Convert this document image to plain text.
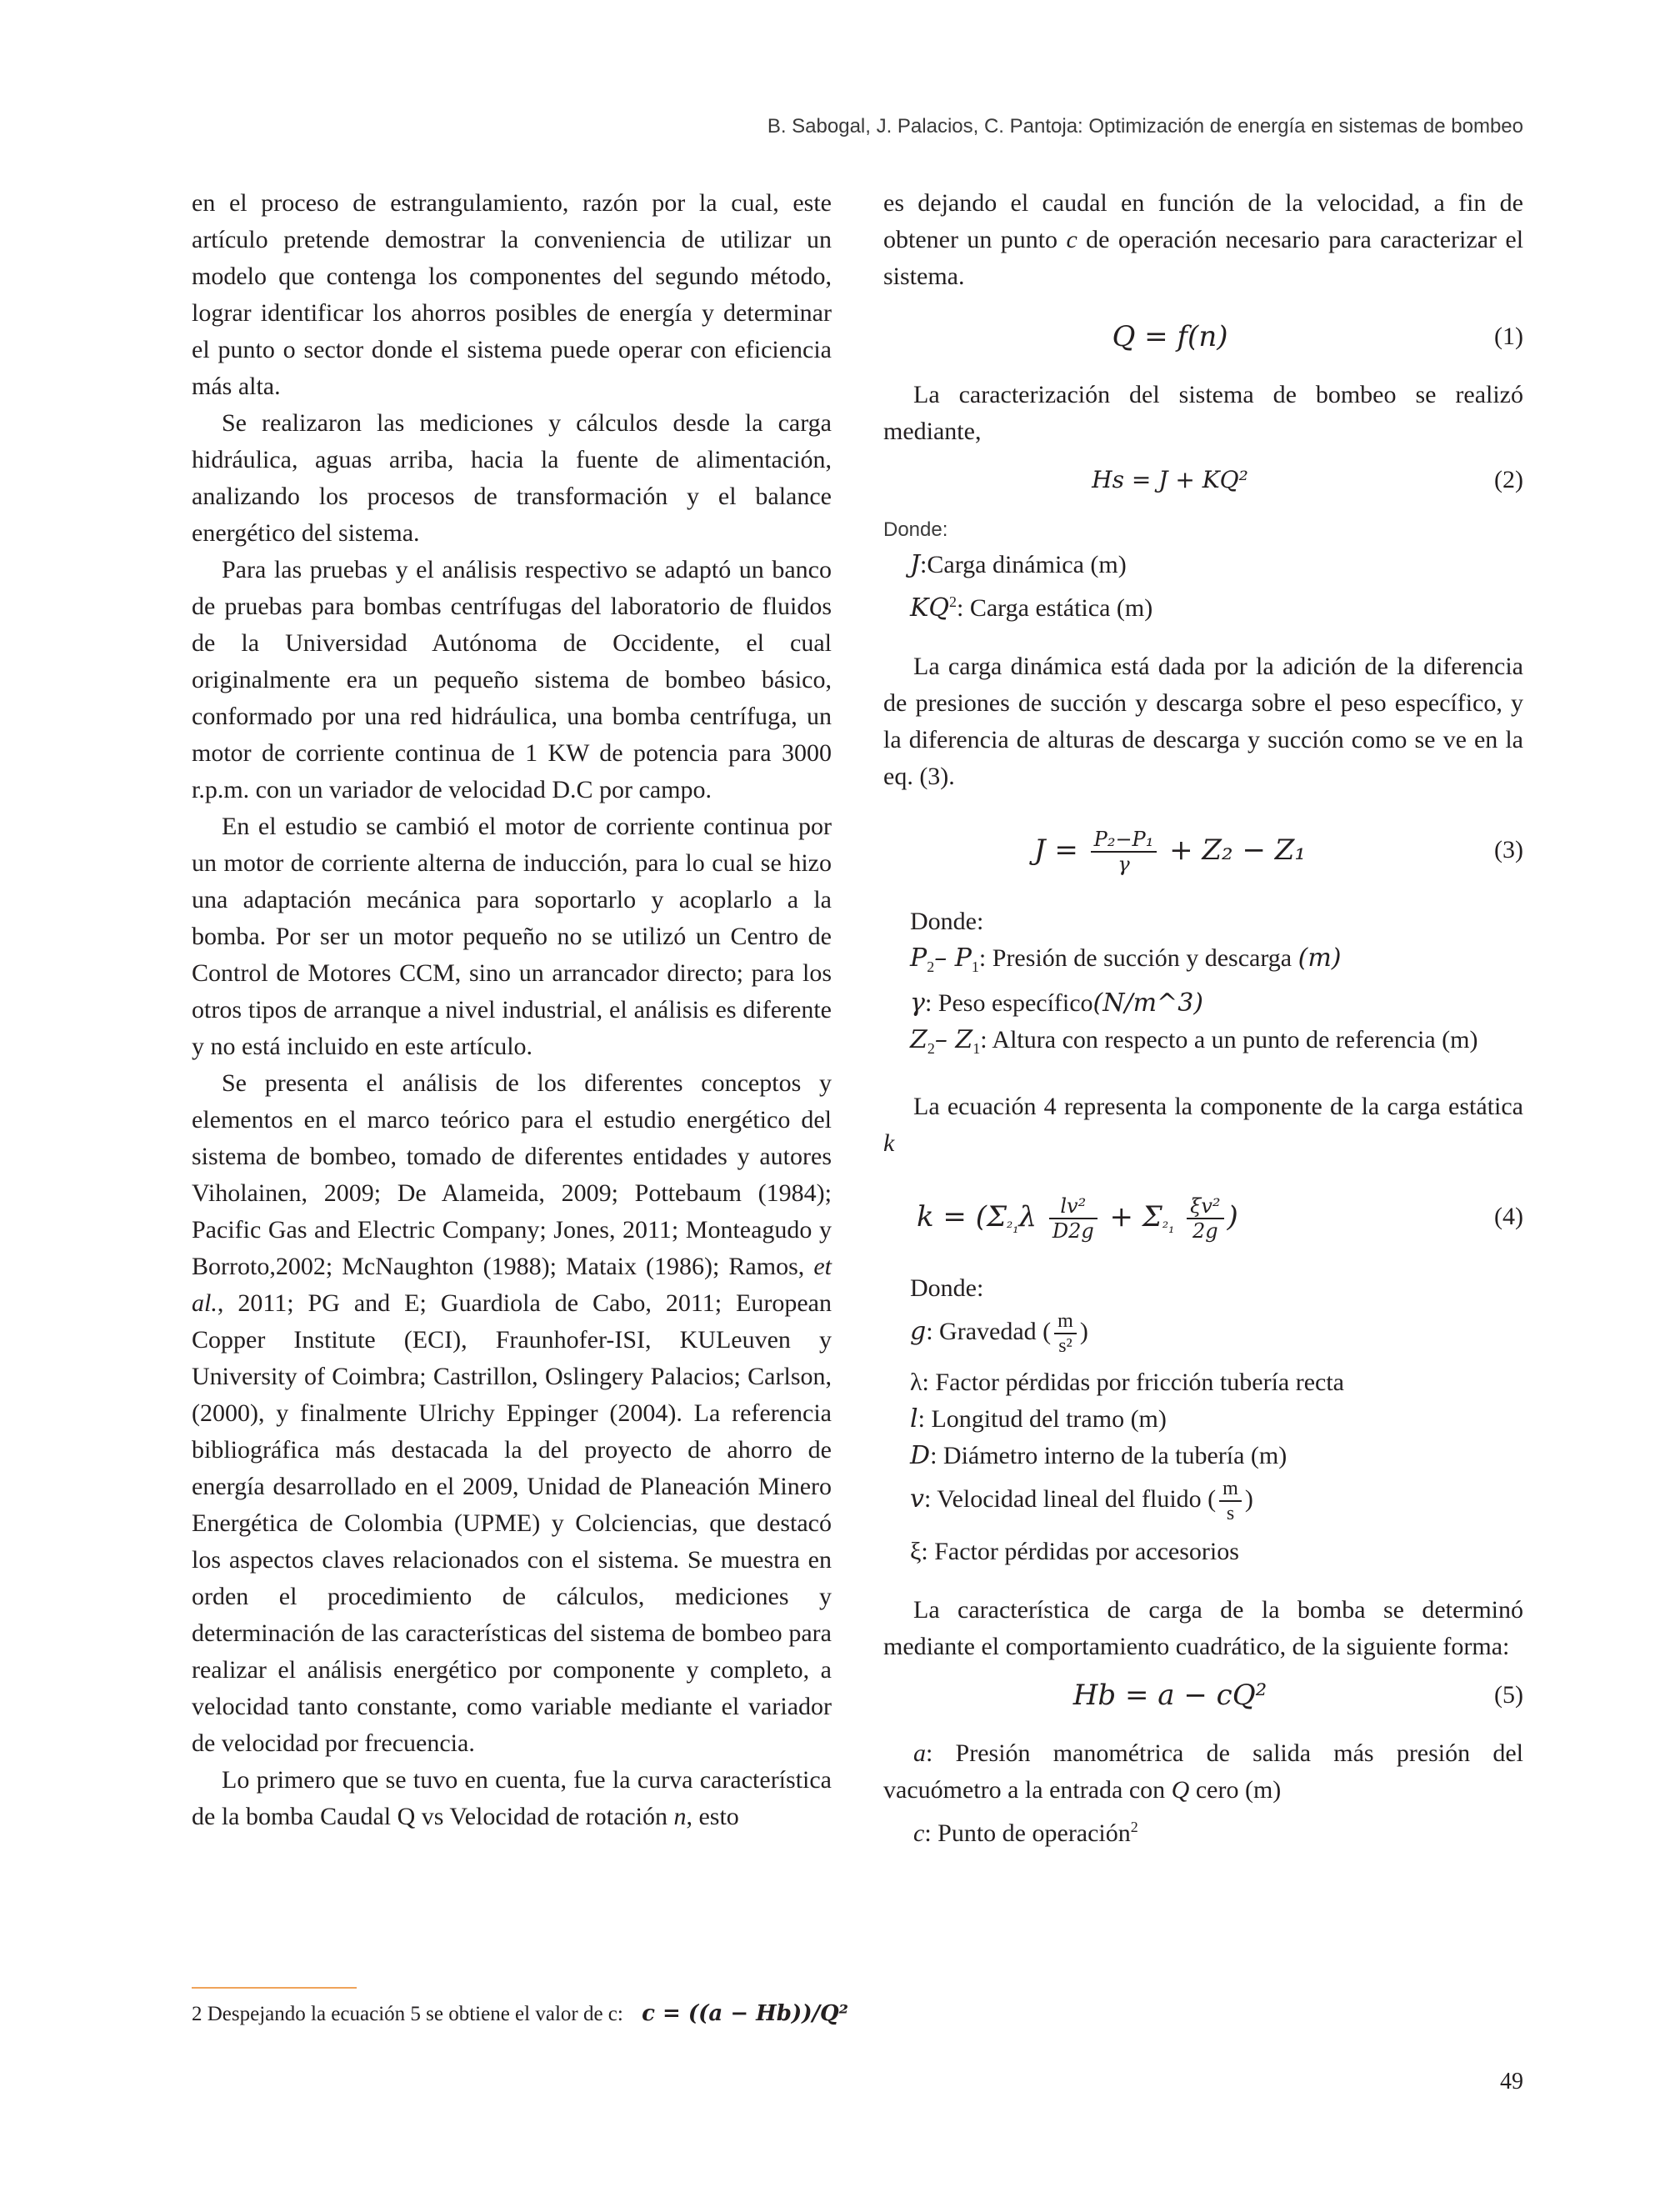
B. Sabogal, J. Palacios, C. Pantoja: Optimización de energía en sistemas de bombeo

en el proceso de estrangulamiento, razón por la cual, este artículo pretende demostrar la conveniencia de utilizar un modelo que contenga los componentes del segundo método, lograr identificar los ahorros posibles de energía y determinar el punto o sector donde el sistema puede operar con eficiencia más alta.

Se realizaron las mediciones y cálculos desde la carga hidráulica, aguas arriba, hacia la fuente de alimentación, analizando los procesos de transformación y el balance energético del sistema.

Para las pruebas y el análisis respectivo se adaptó un banco de pruebas para bombas centrífugas del laboratorio de fluidos de la Universidad Autónoma de Occidente, el cual originalmente era un pequeño sistema de bombeo básico, conformado por una red hidráulica, una bomba centrífuga, un motor de corriente continua de 1 KW de potencia para 3000 r.p.m. con un variador de velocidad D.C por campo.

En el estudio se cambió el motor de corriente continua por un motor de corriente alterna de inducción, para lo cual se hizo una adaptación mecánica para soportarlo y acoplarlo a la bomba. Por ser un motor pequeño no se utilizó un Centro de Control de Motores CCM, sino un arrancador directo; para los otros tipos de arranque a nivel industrial, el análisis es diferente y no está incluido en este artículo.

Se presenta el análisis de los diferentes conceptos y elementos en el marco teórico para el estudio energético del sistema de bombeo, tomado de diferentes entidades y autores Viholainen, 2009; De Alameida, 2009; Pottebaum (1984); Pacific Gas and Electric Company; Jones, 2011; Monteagudo y Borroto,2002; McNaughton (1988); Mataix (1986); Ramos, et al., 2011; PG and E; Guardiola de Cabo, 2011; European Copper Institute (ECI), Fraunhofer-ISI, KULeuven y University of Coimbra; Castrillon, Oslingery Palacios; Carlson, (2000), y finalmente Ulrichy Eppinger (2004). La referencia bibliográfica más destacada la del proyecto de ahorro de energía desarrollado en el 2009, Unidad de Planeación Minero Energética de Colombia (UPME) y Colciencias, que destacó los aspectos claves relacionados con el sistema. Se muestra en orden el procedimiento de cálculos, mediciones y determinación de las características del sistema de bombeo para realizar el análisis energético por componente y completo, a velocidad tanto constante, como variable mediante el variador de velocidad por frecuencia.

Lo primero que se tuvo en cuenta, fue la curva característica de la bomba Caudal Q vs Velocidad de rotación n, esto

es dejando el caudal en función de la velocidad, a fin de obtener un punto c de operación necesario para caracterizar el sistema.

Q = f(n)	(1)

La caracterización del sistema de bombeo se realizó mediante,

Hs = J + KQ²	(2)

Donde:

J:Carga dinámica (m)

$KQ^2$: Carga estática (m)

La carga dinámica está dada por la adición de la diferencia de presiones de succión y descarga sobre el peso específico, y la diferencia de alturas de descarga y succión como se ve en la eq. (3).

$J = \frac{\text{P₂−P₁}}{\gamma} + Z_2 - Z_1$	(3)

Donde:

$P_2-$ $P_1$: Presión de succión y descarga (m)

γ: Peso específico(N/m^3)

$Z_2-$ $Z_1$: Altura con respecto a un punto de referencia (m)

La ecuación 4 representa la componente de la carga estática k

$k = (\Sigma_{^2_1}\lambda \frac{\text{lv²}}{D2g} + \Sigma_{^2_1} \frac{\text{ξv²}}{2g}$ )	(4)

Donde:

g: Gravedad ( $\frac{m}{\text{s²}}$ )

λ: Factor pérdidas por fricción tubería recta

l: Longitud del tramo (m)

D: Diámetro interno de la tubería (m)

v: Velocidad lineal del fluido ( $\frac{m}{s}$ )

ξ: Factor pérdidas por accesorios

La característica de carga de la bomba se determinó mediante el comportamiento cuadrático, de la siguiente forma:

Hb = a − cQ²	(5)

a: Presión manométrica de salida más presión del vacuómetro a la entrada con Q cero (m)

c: Punto de operación$^2$

2 Despejando la ecuación 5 se obtiene el valor de c: c = ((a − Hb))/Q²
49
